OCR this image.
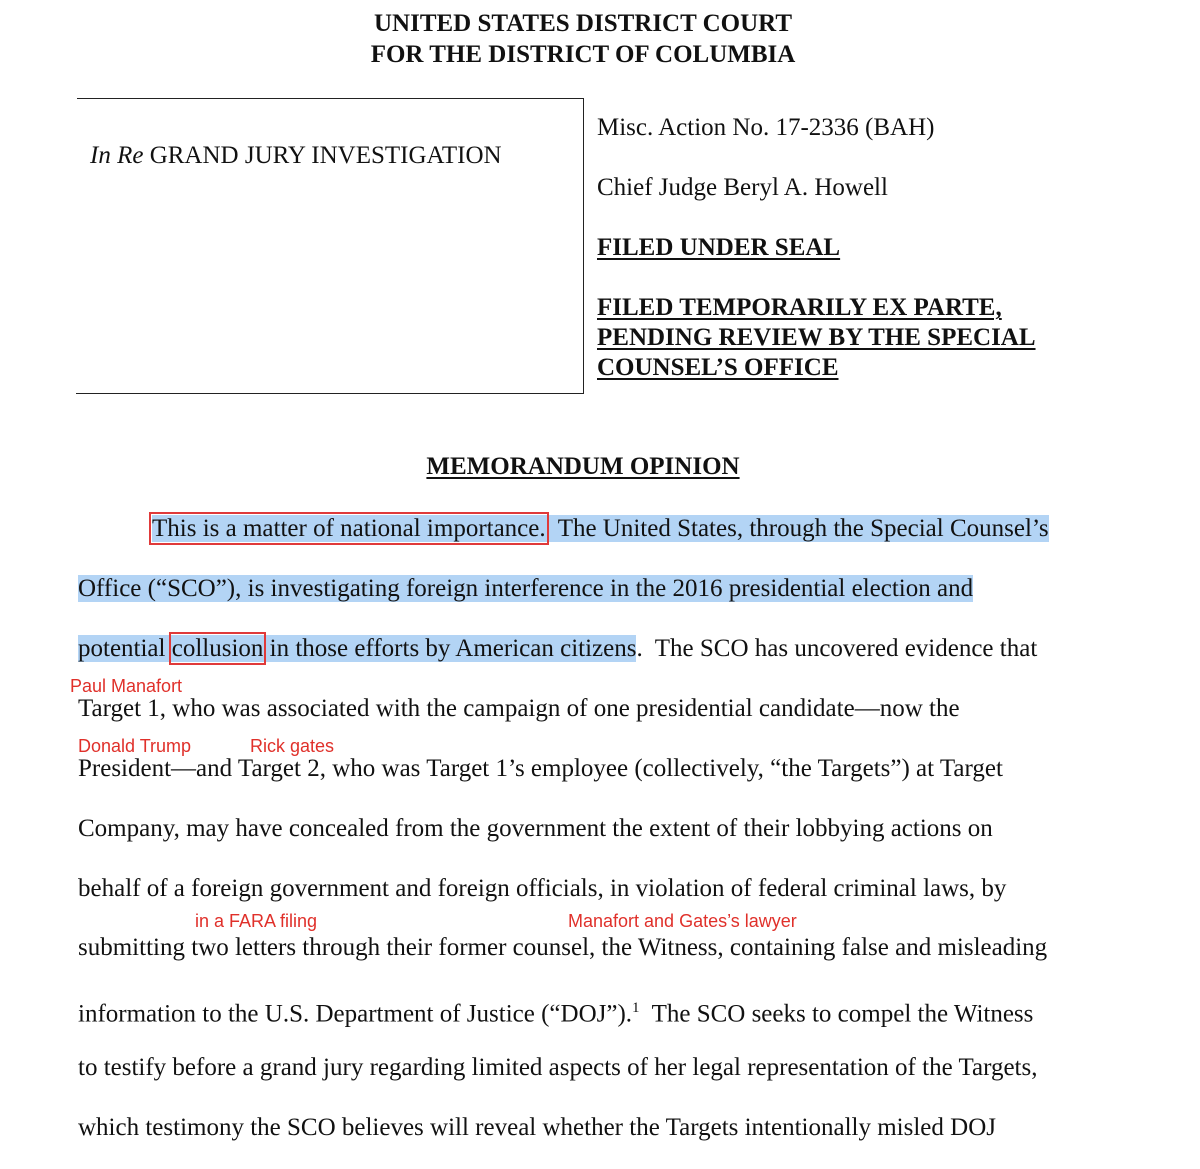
UNITED STATES DISTRICT COURT
FOR THE DISTRICT OF COLUMBIA
In Re GRAND JURY INVESTIGATION
Misc. Action No. 17-2336 (BAH)
Chief Judge Beryl A. Howell
FILED UNDER SEAL
FILED TEMPORARILY EX PARTE,
PENDING REVIEW BY THE SPECIAL
COUNSEL’S OFFICE
MEMORANDUM OPINION
This is a matter of national importance.  The United States, through the Special Counsel’s
Office (“SCO”), is investigating foreign interference in the 2016 presidential election and
potential collusion in those efforts by American citizens.  The SCO has uncovered evidence that
Paul Manafort
Target 1, who was associated with the campaign of one presidential candidate—now the
Donald Trump	Rick gates
President—and Target 2, who was Target 1’s employee (collectively, “the Targets”) at Target
Company, may have concealed from the government the extent of their lobbying actions on
behalf of a foreign government and foreign officials, in violation of federal criminal laws, by
in a FARA filing	Manafort and Gates’s lawyer
submitting two letters through their former counsel, the Witness, containing false and misleading
information to the U.S. Department of Justice (“DOJ”).$^1$  The SCO seeks to compel the Witness
to testify before a grand jury regarding limited aspects of her legal representation of the Targets,
which testimony the SCO believes will reveal whether the Targets intentionally misled DOJ
